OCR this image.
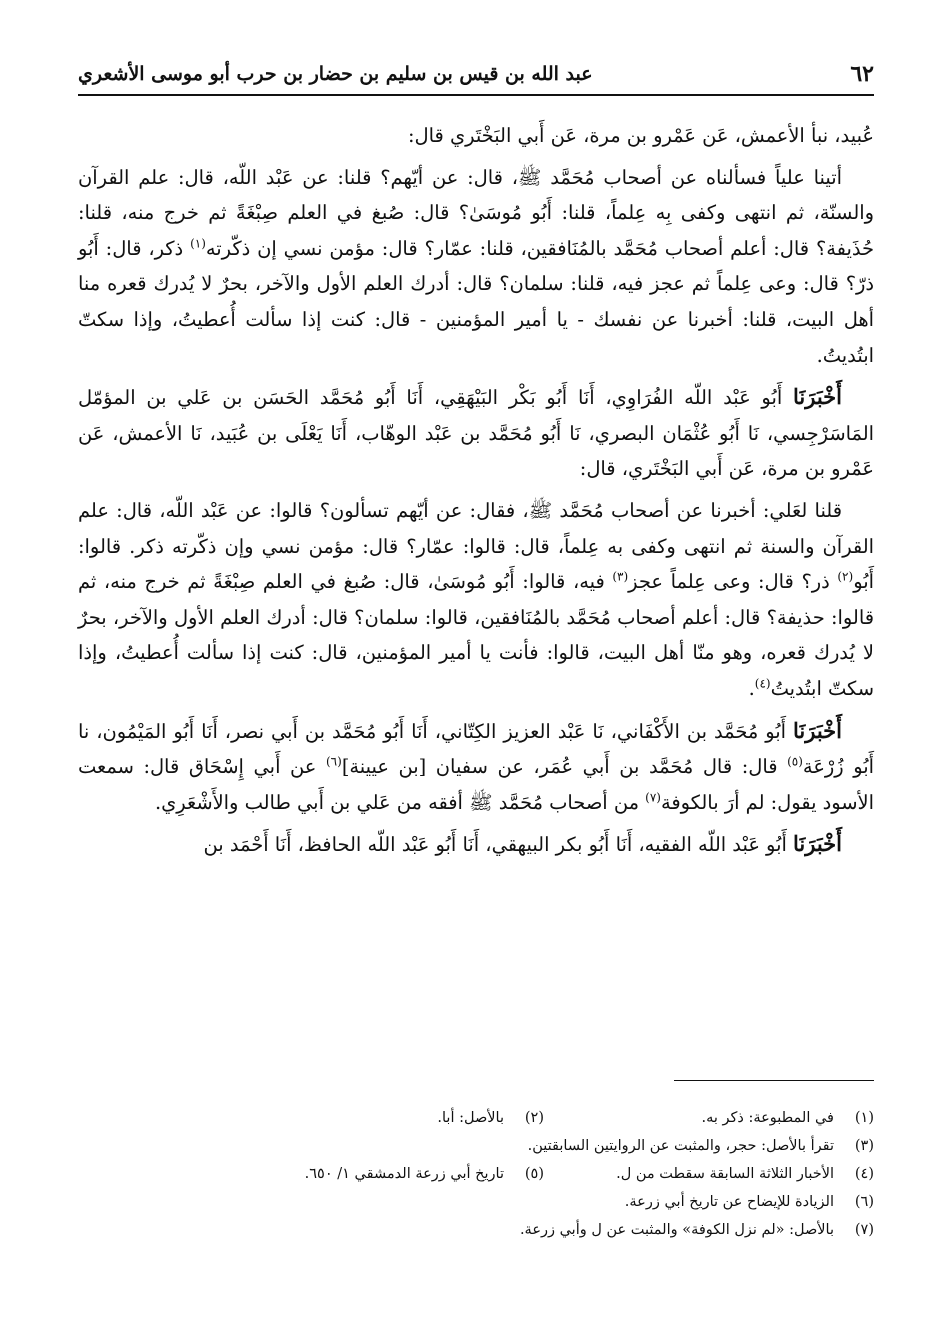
٦٢
عبد الله بن قيس بن سليم بن حضار بن حرب أبو موسى الأشعري

عُبيد، نبأ الأعمش، عَن عَمْرو بن مرة، عَن أَبي البَخْتَري قال:

أتينا علياً فسألناه عن أصحاب مُحَمَّد ﷺ، قال: عن أيّهم؟ قلنا: عن عَبْد اللّه، قال: علم القرآن والسنّة، ثم انتهى وكفى بِه عِلماً، قلنا: أَبُو مُوسَىٰ؟ قال: صُبغ في العلم صِبْغَةً ثم خرج منه، قلنا: حُذَيفة؟ قال: أعلم أصحاب مُحَمَّد بالمُنَافقين، قلنا: عمّار؟ قال: مؤمن نسي إن ذكّرته$^{(١)}$ ذكر، قال: أَبُو ذرّ؟ قال: وعى عِلماً ثم عجز فيه، قلنا: سلمان؟ قال: أدرك العلم الأول والآخر، بحرٌ لا يُدرك قعره منا أهل البيت، قلنا: أخبرنا عن نفسك - يا أمير المؤمنين - قال: كنت إذا سألت أُعطيتُ، وإذا سكتّ ابتُديتُ.

أَخْبَرَنَا أَبُو عَبْد اللّه الفُرَاوِي، أَنَا أَبُو بَكْر البَيْهَقِي، أَنَا أَبُو مُحَمَّد الحَسَن بن عَلي بن المؤمّل المَاسَرْجِسي، نَا أَبُو عُثْمَان البصري، نَا أَبُو مُحَمَّد بن عَبْد الوهّاب، أَنَا يَعْلَى بن عُبَيد، نَا الأعمش، عَن عَمْرو بن مرة، عَن أَبي البَخْتَري، قال:

قلنا لعَلي: أخبرنا عن أصحاب مُحَمَّد ﷺ، فقال: عن أيّهم تسألون؟ قالوا: عن عَبْد اللّه، قال: علم القرآن والسنة ثم انتهى وكفى به عِلماً، قال: قالوا: عمّار؟ قال: مؤمن نسي وإن ذكّرته ذكر. قالوا: أَبُو$^{(٢)}$ ذر؟ قال: وعى عِلماً عجز$^{(٣)}$ فيه، قالوا: أَبُو مُوسَىٰ، قال: صُبغ في العلم صِبْغَةً ثم خرج منه، ثم قالوا: حذيفة؟ قال: أعلم أصحاب مُحَمَّد بالمُنَافقين، قالوا: سلمان؟ قال: أدرك العلم الأول والآخر، بحرٌ لا يُدرك قعره، وهو منّا أهل البيت، قالوا: فأنت يا أمير المؤمنين، قال: كنت إذا سألت أُعطيتُ، وإذا سكتّ ابتُديتُ$^{(٤)}$.

أَخْبَرَنَا أَبُو مُحَمَّد بن الأَكْفَاني، نَا عَبْد العزيز الكِتّاني، أَنَا أَبُو مُحَمَّد بن أَبي نصر، أَنَا أَبُو المَيْمُون، نا أَبُو زُرْعَة$^{(٥)}$ قال: قال مُحَمَّد بن أَبي عُمَر، عن سفيان [بن عيينة]$^{(٦)}$ عن أَبي إِسْحَاق قال: سمعت الأسود يقول: لم أرَ بالكوفة$^{(٧)}$ من أصحاب مُحَمَّد ﷺ أفقه من عَلي بن أَبي طالب والأَشْعَرِي.

أَخْبَرَنَا أَبُو عَبْد اللّه الفقيه، أَنَا أَبُو بكر البيهقي، أَنَا أَبُو عَبْد اللّه الحافظ، أَنَا أَحْمَد بن

(١)
في المطبوعة: ذكر به.
(٢)
بالأصل: أبا.
(٣)
تقرأ بالأصل: حجر، والمثبت عن الروايتين السابقتين.
(٤)
الأخبار الثلاثة السابقة سقطت من ل.
(٥)
تاريخ أبي زرعة الدمشقي ١/ ٦٥٠.
(٦)
الزيادة للإيضاح عن تاريخ أبي زرعة.
(٧)
بالأصل: «لم نزل الكوفة» والمثبت عن ل وأبي زرعة.
